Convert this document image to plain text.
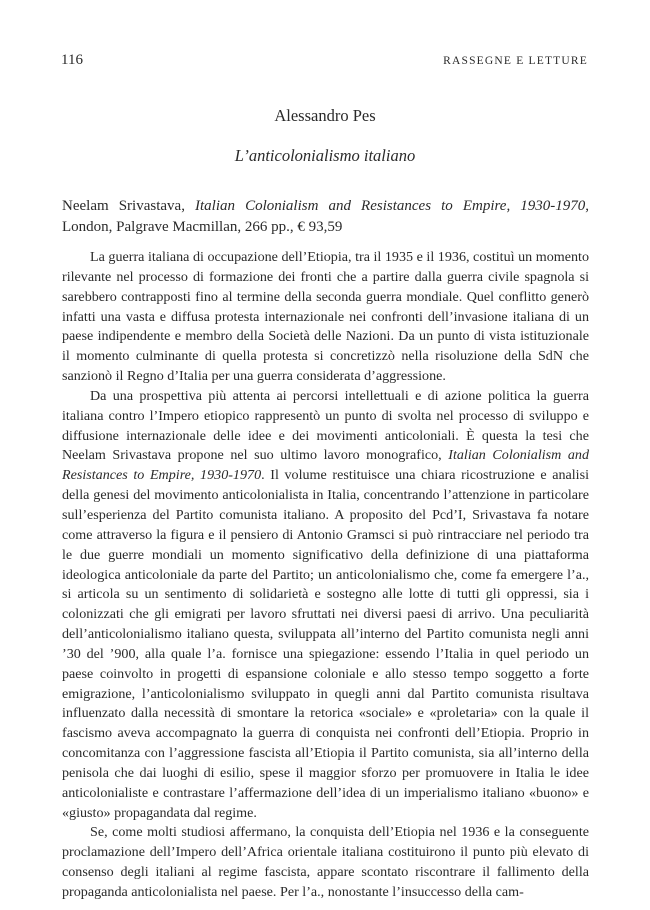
116	RASSEGNE E LETTURE
Alessandro Pes
L’anticolonialismo italiano

Neelam Srivastava, Italian Colonialism and Resistances to Empire, 1930-1970, London, Palgrave Macmillan, 266 pp., € 93,59

La guerra italiana di occupazione dell’Etiopia, tra il 1935 e il 1936, costituì un momento rilevante nel processo di formazione dei fronti che a partire dalla guerra civile spagnola si sarebbero contrapposti fino al termine della seconda guerra mondiale. Quel conflitto generò infatti una vasta e diffusa protesta internazionale nei confronti dell’invasione italiana di un paese indipendente e membro della Società delle Nazioni. Da un punto di vista istituzionale il momento culminante di quella protesta si concretizzò nella risoluzione della SdN che sanzionò il Regno d’Italia per una guerra considerata d’aggressione.

Da una prospettiva più attenta ai percorsi intellettuali e di azione politica la guerra italiana contro l’Impero etiopico rappresentò un punto di svolta nel processo di sviluppo e diffusione internazionale delle idee e dei movimenti anticoloniali. È questa la tesi che Neelam Srivastava propone nel suo ultimo lavoro monografico, Italian Colonialism and Resistances to Empire, 1930-1970. Il volume restituisce una chiara ricostruzione e analisi della genesi del movimento anticolonialista in Italia, concentrando l’attenzione in particolare sull’esperienza del Partito comunista italiano. A proposito del Pcd’I, Srivastava fa notare come attraverso la figura e il pensiero di Antonio Gramsci si può rintracciare nel periodo tra le due guerre mondiali un momento significativo della definizione di una piattaforma ideologica anticoloniale da parte del Partito; un anticolonialismo che, come fa emergere l’a., si articola su un sentimento di solidarietà e sostegno alle lotte di tutti gli oppressi, sia i colonizzati che gli emigrati per lavoro sfruttati nei diversi paesi di arrivo. Una peculiarità dell’anticolonialismo italiano questa, sviluppata all’interno del Partito comunista negli anni ’30 del ’900, alla quale l’a. fornisce una spiegazione: essendo l’Italia in quel periodo un paese coinvolto in progetti di espansione coloniale e allo stesso tempo soggetto a forte emigrazione, l’anticolonialismo sviluppato in quegli anni dal Partito comunista risultava influenzato dalla necessità di smontare la retorica «sociale» e «proletaria» con la quale il fascismo aveva accompagnato la guerra di conquista nei confronti dell’Etiopia. Proprio in concomitanza con l’aggressione fascista all’Etiopia il Partito comunista, sia all’interno della penisola che dai luoghi di esilio, spese il maggior sforzo per promuovere in Italia le idee anticolonialiste e contrastare l’affermazione dell’idea di un imperialismo italiano «buono» e «giusto» propagandata dal regime.

Se, come molti studiosi affermano, la conquista dell’Etiopia nel 1936 e la conseguente proclamazione dell’Impero dell’Africa orientale italiana costituirono il punto più elevato di consenso degli italiani al regime fascista, appare scontato riscontrare il fallimento della propaganda anticolonialista nel paese. Per l’a., nonostante l’insuccesso della cam-
